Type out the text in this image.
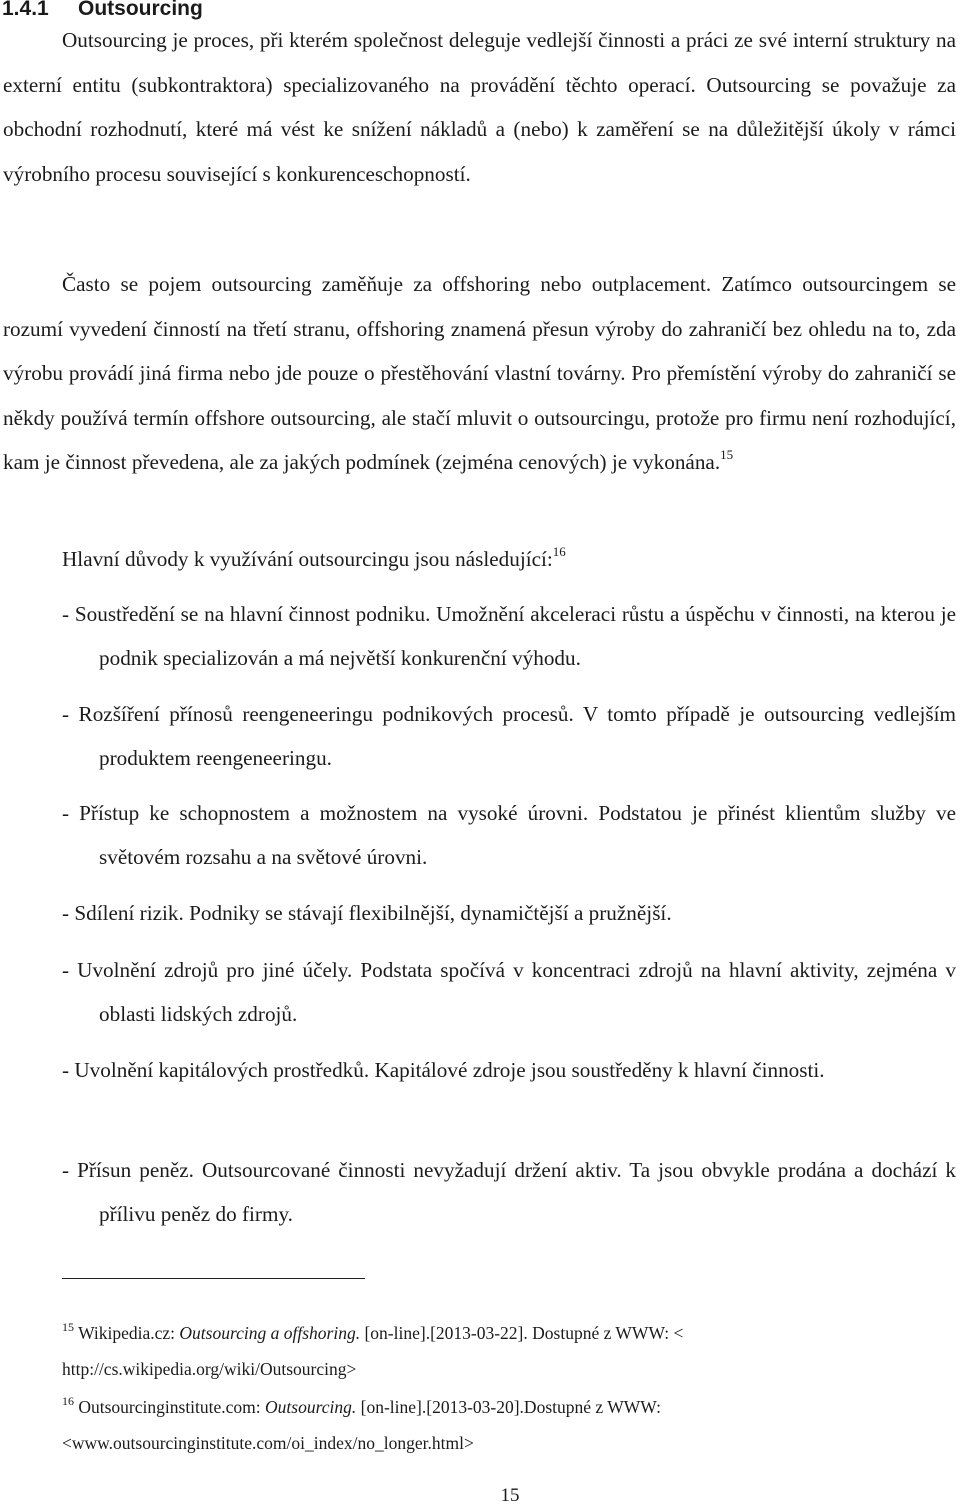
1.4.1 Outsourcing

Outsourcing je proces, při kterém společnost deleguje vedlejší činnosti a práci ze své interní struktury na externí entitu (subkontraktora) specializovaného na provádění těchto operací. Outsourcing se považuje za obchodní rozhodnutí, které má vést ke snížení nákladů a (nebo) k zaměření se na důležitější úkoly v rámci výrobního procesu související s konkurenceschopností.

Často se pojem outsourcing zaměňuje za offshoring nebo outplacement. Zatímco outsourcingem se rozumí vyvedení činností na třetí stranu, offshoring znamená přesun výroby do zahraničí bez ohledu na to, zda výrobu provádí jiná firma nebo jde pouze o přestěhování vlastní továrny. Pro přemístění výroby do zahraničí se někdy používá termín offshore outsourcing, ale stačí mluvit o outsourcingu, protože pro firmu není rozhodující, kam je činnost převedena, ale za jakých podmínek (zejména cenových) je vykonána.$^{15}$

Hlavní důvody k využívání outsourcingu jsou následující:$^{16}$

- Soustředění se na hlavní činnost podniku. Umožnění akceleraci růstu a úspěchu v činnosti, na kterou je podnik specializován a má největší konkurenční výhodu.

- Rozšíření přínosů reengeneeringu podnikových procesů. V tomto případě je outsourcing vedlejším produktem reengeneeringu.

- Přístup ke schopnostem a možnostem na vysoké úrovni. Podstatou je přinést klientům služby ve světovém rozsahu a na světové úrovni.

- Sdílení rizik. Podniky se stávají flexibilnější, dynamičtější a pružnější.

- Uvolnění zdrojů pro jiné účely. Podstata spočívá v koncentraci zdrojů na hlavní aktivity, zejména v oblasti lidských zdrojů.

- Uvolnění kapitálových prostředků. Kapitálové zdroje jsou soustředěny k hlavní činnosti.

- Přísun peněz. Outsourcované činnosti nevyžadují držení aktiv. Ta jsou obvykle prodána a dochází k přílivu peněz do firmy.

$^{15}$ Wikipedia.cz: Outsourcing a offshoring. [on-line].[2013-03-22]. Dostupné z WWW: <
http://cs.wikipedia.org/wiki/Outsourcing>

$^{16}$ Outsourcinginstitute.com: Outsourcing. [on-line].[2013-03-20].Dostupné z WWW:
<www.outsourcinginstitute.com/oi_index/no_longer.html>

15
